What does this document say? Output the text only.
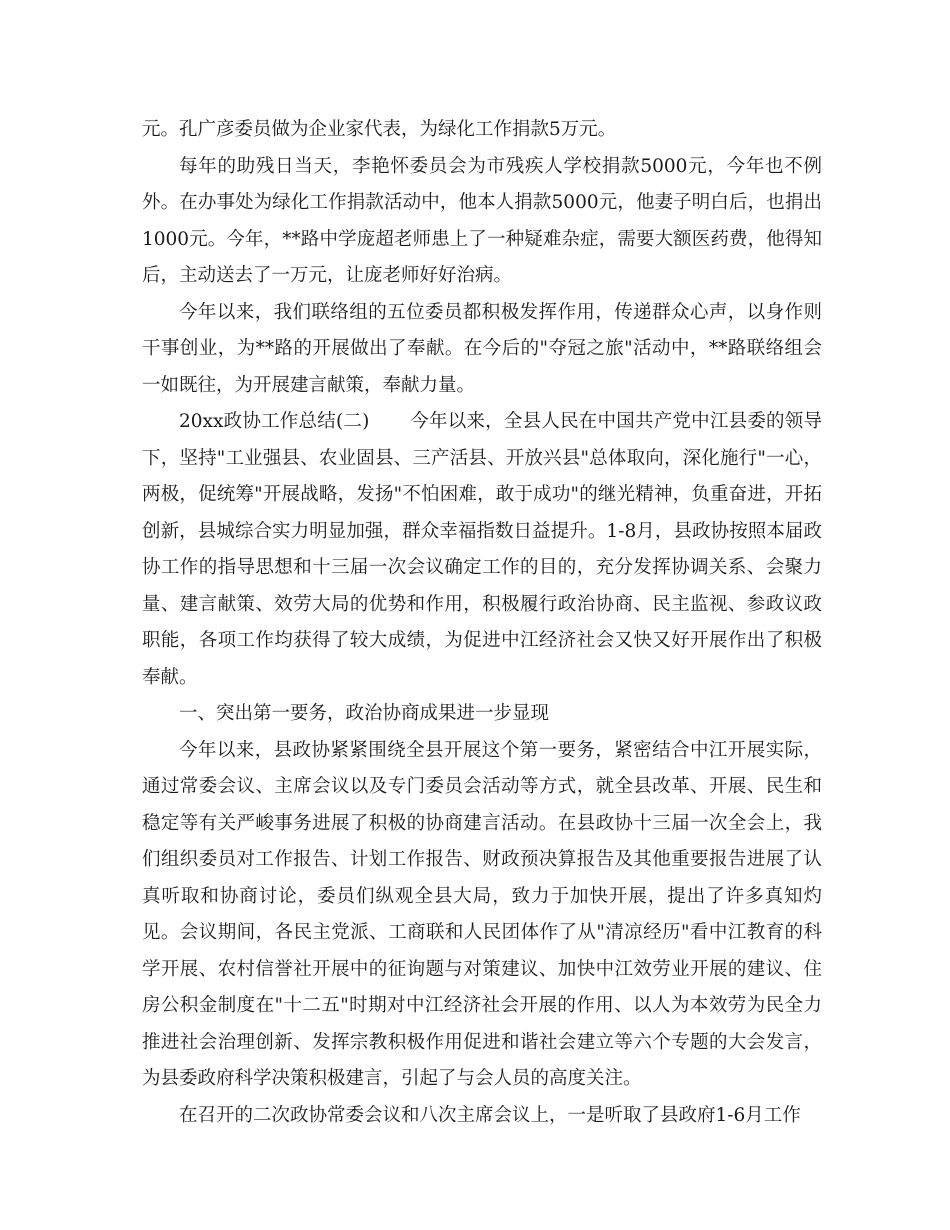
元。孔广彦委员做为企业家代表，为绿化工作捐款5万元。

每年的助残日当天，李艳怀委员会为市残疾人学校捐款5000元，今年也不例外。在办事处为绿化工作捐款活动中，他本人捐款5000元，他妻子明白后，也捐出1000元。今年，**路中学庞超老师患上了一种疑难杂症，需要大额医药费，他得知后，主动送去了一万元，让庞老师好好治病。

今年以来，我们联络组的五位委员都积极发挥作用，传递群众心声，以身作则干事创业，为**路的开展做出了奉献。在今后的"夺冠之旅"活动中，**路联络组会一如既往，为开展建言献策，奉献力量。

20xx政协工作总结(二) 今年以来，全县人民在中国共产党中江县委的领导下，坚持"工业强县、农业固县、三产活县、开放兴县"总体取向，深化施行"一心，两极，促统筹"开展战略，发扬"不怕困难，敢于成功"的继光精神，负重奋进，开拓创新，县城综合实力明显加强，群众幸福指数日益提升。1-8月，县政协按照本届政协工作的指导思想和十三届一次会议确定工作的目的，充分发挥协调关系、会聚力量、建言献策、效劳大局的优势和作用，积极履行政治协商、民主监视、参政议政职能，各项工作均获得了较大成绩，为促进中江经济社会又快又好开展作出了积极奉献。

一、突出第一要务，政治协商成果进一步显现

今年以来，县政协紧紧围绕全县开展这个第一要务，紧密结合中江开展实际，通过常委会议、主席会议以及专门委员会活动等方式，就全县改革、开展、民生和稳定等有关严峻事务进展了积极的协商建言活动。在县政协十三届一次全会上，我们组织委员对工作报告、计划工作报告、财政预决算报告及其他重要报告进展了认真听取和协商讨论，委员们纵观全县大局，致力于加快开展，提出了许多真知灼见。会议期间，各民主党派、工商联和人民团体作了从"清凉经历"看中江教育的科学开展、农村信誉社开展中的征询题与对策建议、加快中江效劳业开展的建议、住房公积金制度在"十二五"时期对中江经济社会开展的作用、以人为本效劳为民全力推进社会治理创新、发挥宗教积极作用促进和谐社会建立等六个专题的大会发言，为县委政府科学决策积极建言，引起了与会人员的高度关注。

在召开的二次政协常委会议和八次主席会议上，一是听取了县政府1-6月工作
